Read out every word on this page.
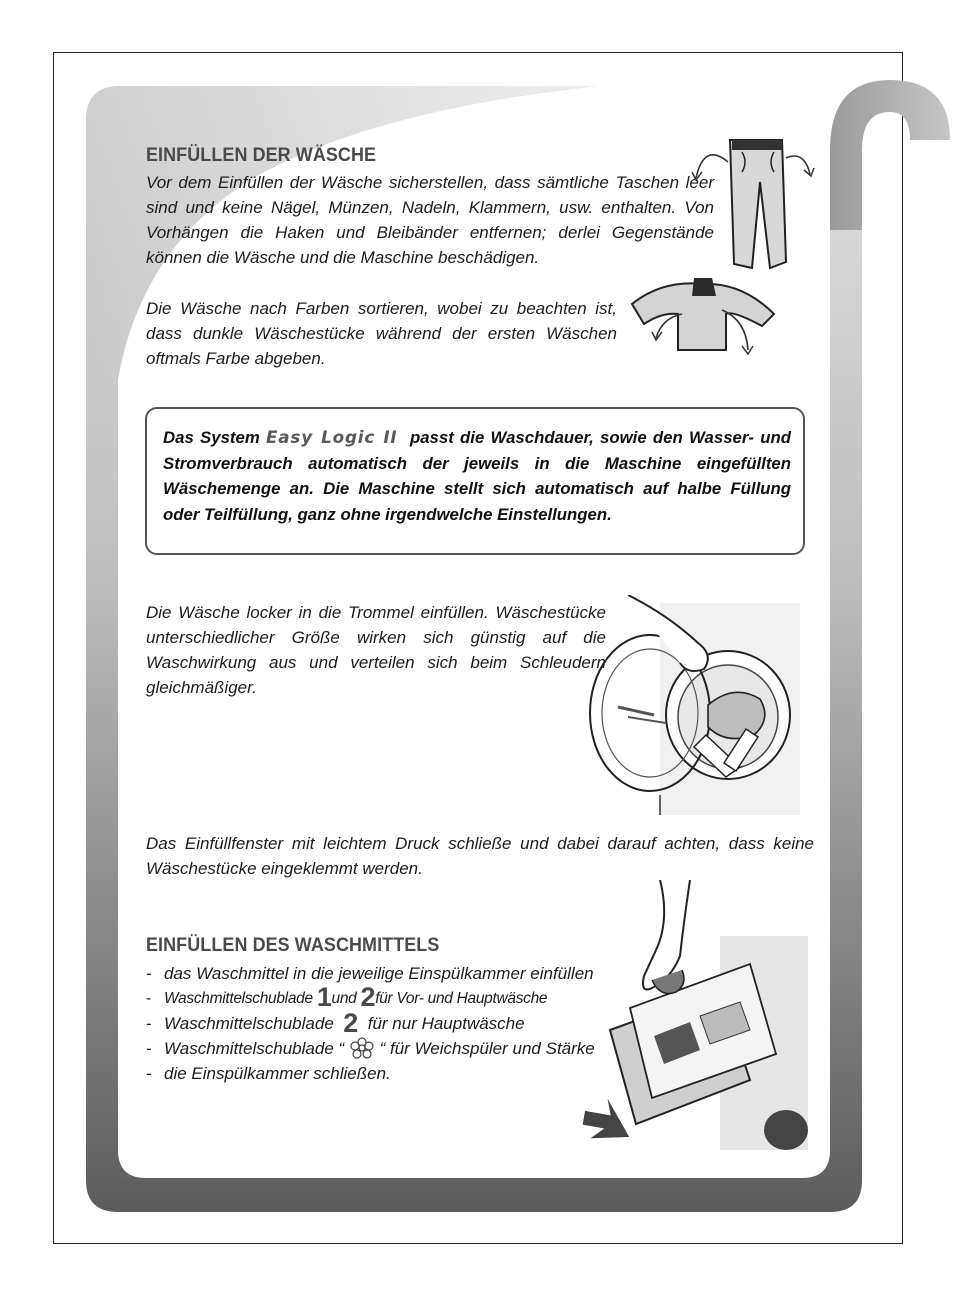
EINFÜLLEN DER WÄSCHE

Vor dem Einfüllen der Wäsche sicherstellen, dass sämtliche Taschen leer sind und keine Nägel, Münzen, Nadeln, Klammern, usw. enthalten. Von Vorhängen die Haken und Bleibänder entfernen; derlei Gegenstände können die Wäsche und die Maschine beschädigen.

Die Wäsche nach Farben sortieren, wobei zu beachten ist, dass dunkle Wäschestücke während der ersten Wäschen oftmals Farbe abgeben.

Das System Easy Logic II passt die Waschdauer, sowie den Wasser- und Stromverbrauch automatisch der jeweils in die Maschine eingefüllten Wäschemenge an. Die Maschine stellt sich automatisch auf halbe Füllung oder Teilfüllung, ganz ohne irgendwelche Einstellungen.

Die Wäsche locker in die Trommel einfüllen. Wäschestücke unterschiedlicher Größe wirken sich günstig auf die Waschwirkung aus und verteilen sich beim Schleudern gleichmäßiger.

Das Einfüllfenster mit leichtem Druck schließe und dabei darauf achten, dass keine Wäschestücke eingeklemmt werden.

EINFÜLLEN DES WASCHMITTELS
- das Waschmittel in die jeweilige Einspülkammer einfüllen
- Waschmittelschublade 1und 2für Vor- und Hauptwäsche
- Waschmittelschublade 2 für nur Hauptwäsche
- Waschmittelschublade “ “ für Weichspüler und Stärke
- die Einspülkammer schließen.
